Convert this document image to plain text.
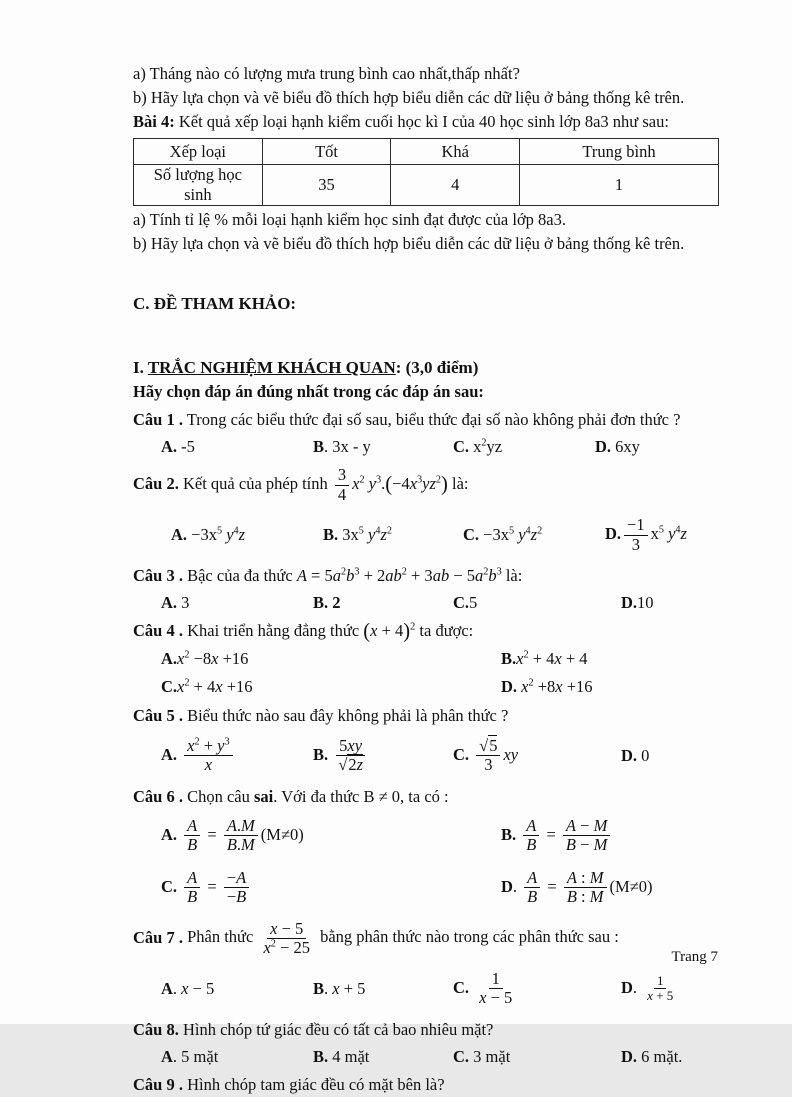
a) Tháng nào có lượng mưa trung bình cao nhất,thấp nhất?
b) Hãy lựa chọn và vẽ biểu đồ thích hợp biểu diễn các dữ liệu ở bảng thống kê trên.
Bài 4: Kết quả xếp loại hạnh kiểm cuối học kì I của 40 học sinh lớp 8a3 như sau:
Xếp loại	Tốt	Khá	Trung bình
Số lượng học sinh	35	4	1
a) Tính tỉ lệ % mỗi loại hạnh kiểm học sinh đạt được của lớp 8a3.
b) Hãy lựa chọn và vẽ biểu đồ thích hợp biểu diễn các dữ liệu ở bảng thống kê trên.
C. ĐỀ THAM KHẢO:
I. TRẮC NGHIỆM KHÁCH QUAN: (3,0 điểm)
Hãy chọn đáp án đúng nhất trong các đáp án sau:
Câu 1 . Trong các biểu thức đại số sau, biểu thức đại số nào không phải đơn thức ?
A. -5	B. 3x - y	C. $x^2yz$	D. 6xy
Câu 2. Kết quả của phép tính $\frac{3}{4} x^2$ $y^3.(-4x^3yz^2)$ là:
A. $-3x^5$ $y^4z$	B. $3x^5$ $y^4z^2$	C. $-3x^5$ $y^4z^2$	D. $\frac{-1}{3} x^5$ $y^4z$
Câu 3 . Bậc của đa thức $A = 5a^2b^3 + 2ab^2 + 3ab - 5a^2b^3$ là:
A. 3	B. 2	C.5	D.10
Câu 4 . Khai triển hằng đẳng thức $(x + 4)^2$ ta được:
$A.x^2 -8x +16$	$B.x^2 + 4x + 4$
$C.x^2 + 4x +16$	D. $x^2 +8x +16$
Câu 5 . Biểu thức nào sau đây không phải là phân thức ?
A. $\frac{x^2 + y^3}{x}$	B. $\frac{5xy}{√2z}$	C. $\frac{√5}{3}$ xy	D. 0
Câu 6 . Chọn câu sai. Với đa thức B ≠ 0, ta có :
A. $\frac{A}{B} = \frac{A.M}{B.M} (M\ne 0)$	B. $\frac{A}{B} = \frac{A - M}{B - M}$
C. $\frac{A}{B} = \frac{-A}{-B}$	D. $\frac{A}{B} = \frac{A : M}{B : M} (M\ne 0)$
Câu 7 . Phân thức $\frac{x - 5}{x^2 - 25}$ bằng phân thức nào trong các phân thức sau :
A. x − 5	B. x + 5	C. $\frac{1}{x - 5}$	D. $\frac{1}{x + 5}$
Câu 8. Hình chóp tứ giác đều có tất cả bao nhiêu mặt?
A. 5 mặt	B. 4 mặt	C. 3 mặt	D. 6 mặt.
Câu 9 . Hình chóp tam giác đều có mặt bên là?
Trang 7
